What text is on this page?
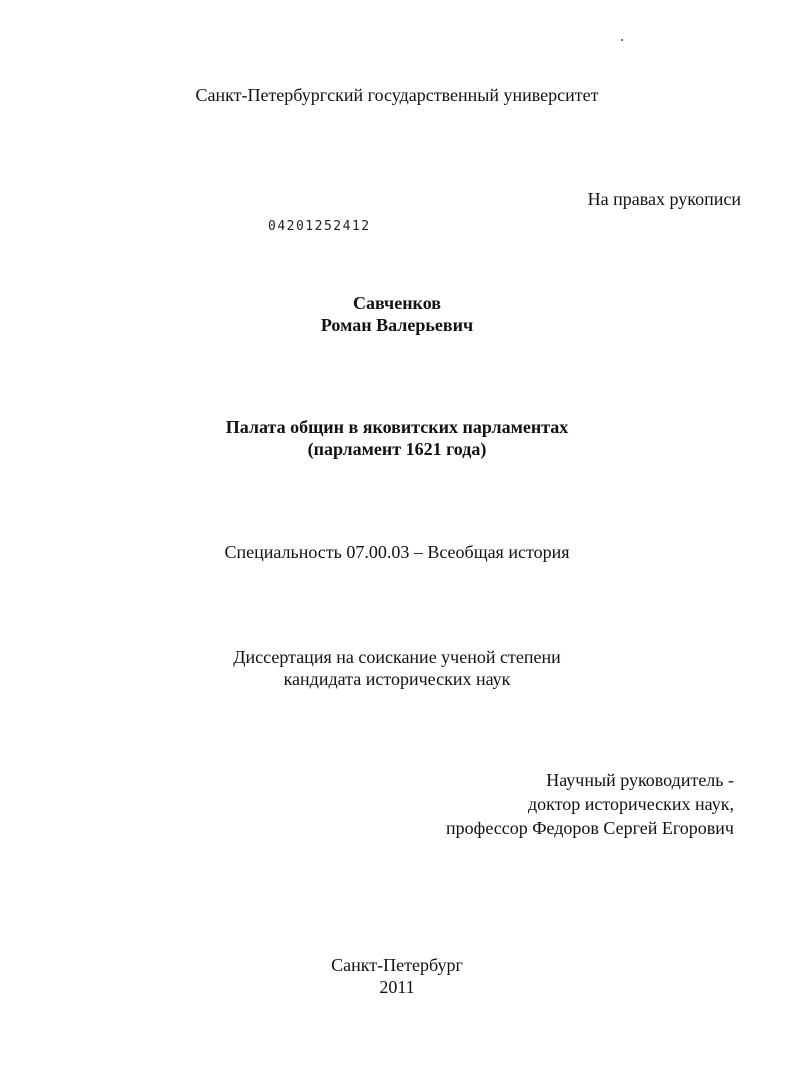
Санкт-Петербургский государственный университет
На правах рукописи
04201252412
Савченков
Роман Валерьевич
Палата общин в яковитских парламентах
(парламент 1621 года)
Специальность 07.00.03 – Всеобщая история
Диссертация на соискание ученой степени
кандидата исторических наук
Научный руководитель -
доктор исторических наук,
профессор Федоров Сергей Егорович
Санкт-Петербург
2011
